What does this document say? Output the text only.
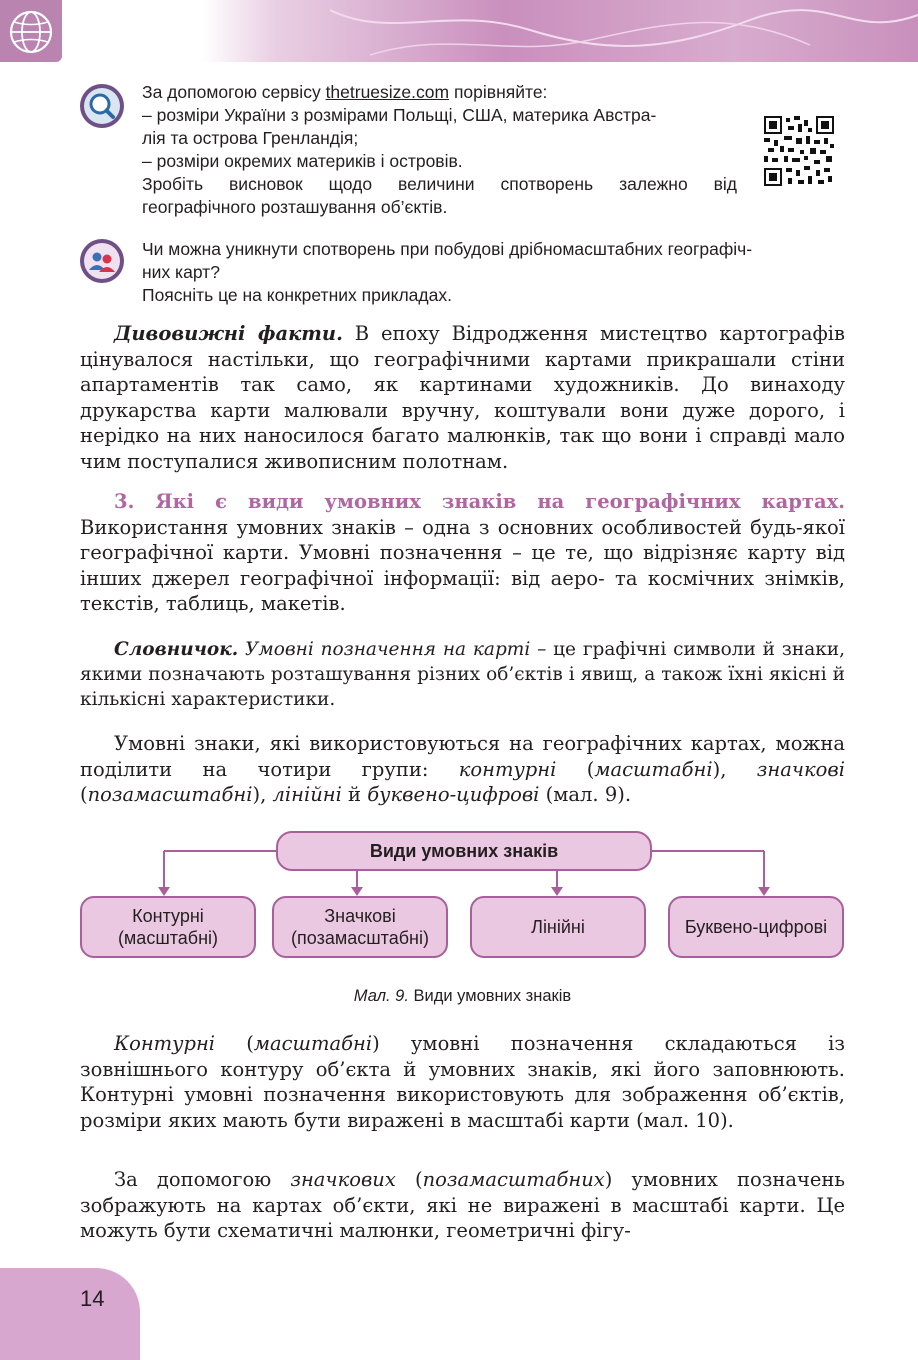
За допомогою сервісу thetruesize.com порівняйте:

– розміри України з розмірами Польщі, США, материка Австра-

лія та острова Гренландія;

– розміри окремих материків і островів.

Зробіть висновок щодо величини спотворень залежно від

географічного розташування об’єктів.

Чи можна уникнути спотворень при побудові дрібномасштабних географіч-

них карт?

Поясніть це на конкретних прикладах.

Дивовижні факти. В епоху Відродження мистецтво картографів цінувалося настільки, що географічними картами прикрашали стіни апартаментів так само, як картинами художників. До винаходу друкарства карти малювали вручну, коштували вони дуже дорого, і нерідко на них наносилося багато малюнків, так що вони і справді мало чим поступалися живописним полотнам.

3. Які є види умовних знаків на географічних картах. Використання умовних знаків – одна з основних особливостей будь-якої географічної карти. Умовні позначення – це те, що відрізняє карту від інших джерел географічної інформації: від аеро- та космічних знімків, текстів, таблиць, макетів.

Словничок. Умовні позначення на карті – це графічні символи й знаки, якими позначають розташування різних об’єктів і явищ, а також їхні якісні й кількісні характеристики.

Умовні знаки, які використовуються на географічних картах, можна поділити на чотири групи: контурні (масштабні), значкові (позамасштабні), лінійні й буквено-цифрові (мал. 9).

Види умовних знаків
Контурні
(масштабні)
Значкові
(позамасштабні)
Лінійні	Буквено-цифрові
Мал. 9. Види умовних знаків

Контурні (масштабні) умовні позначення складаються із зовнішнього контуру об’єкта й умовних знаків, які його заповнюють. Контурні умовні позначення використовують для зображення об’єктів, розміри яких мають бути виражені в масштабі карти (мал. 10).

За допомогою значкових (позамасштабних) умовних позначень зображують на картах об’єкти, які не виражені в масштабі карти. Це можуть бути схематичні малюнки, геометричні фігу-

14
